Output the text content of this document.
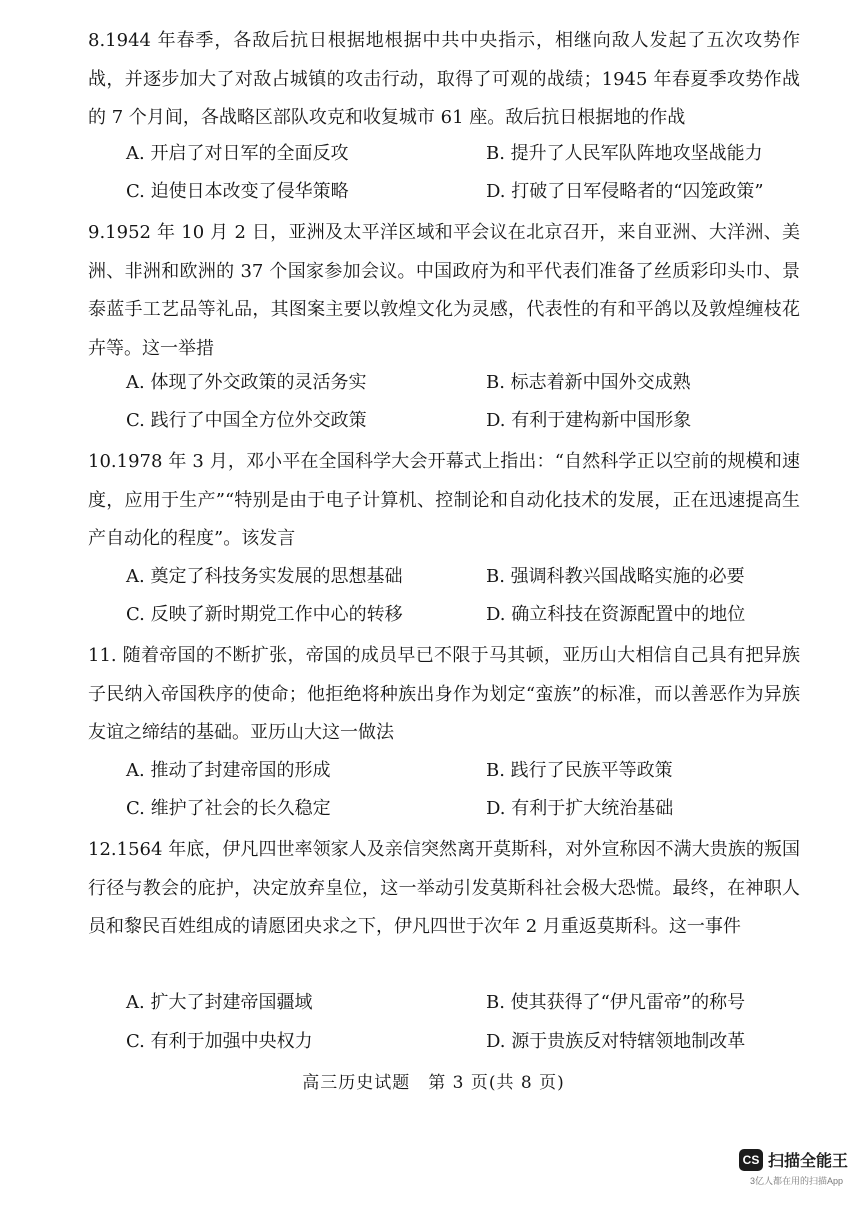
8.1944 年春季，各敌后抗日根据地根据中共中央指示，相继向敌人发起了五次攻势作战，并逐步加大了对敌占城镇的攻击行动，取得了可观的战绩；1945 年春夏季攻势作战的 7 个月间，各战略区部队攻克和收复城市 61 座。敌后抗日根据地的作战
A. 开启了对日军的全面反攻	B. 提升了人民军队阵地攻坚战能力
C. 迫使日本改变了侵华策略	D. 打破了日军侵略者的“囚笼政策”
9.1952 年 10 月 2 日，亚洲及太平洋区域和平会议在北京召开，来自亚洲、大洋洲、美洲、非洲和欧洲的 37 个国家参加会议。中国政府为和平代表们准备了丝质彩印头巾、景泰蓝手工艺品等礼品，其图案主要以敦煌文化为灵感，代表性的有和平鸽以及敦煌缠枝花卉等。这一举措
A. 体现了外交政策的灵活务实	B. 标志着新中国外交成熟
C. 践行了中国全方位外交政策	D. 有利于建构新中国形象
10.1978 年 3 月，邓小平在全国科学大会开幕式上指出：“自然科学正以空前的规模和速度，应用于生产”“特别是由于电子计算机、控制论和自动化技术的发展，正在迅速提高生产自动化的程度”。该发言
A. 奠定了科技务实发展的思想基础	B. 强调科教兴国战略实施的必要
C. 反映了新时期党工作中心的转移	D. 确立科技在资源配置中的地位
11. 随着帝国的不断扩张，帝国的成员早已不限于马其顿，亚历山大相信自己具有把异族子民纳入帝国秩序的使命；他拒绝将种族出身作为划定“蛮族”的标准，而以善恶作为异族友谊之缔结的基础。亚历山大这一做法
A. 推动了封建帝国的形成	B. 践行了民族平等政策
C. 维护了社会的长久稳定	D. 有利于扩大统治基础
12.1564 年底，伊凡四世率领家人及亲信突然离开莫斯科，对外宣称因不满大贵族的叛国行径与教会的庇护，决定放弃皇位，这一举动引发莫斯科社会极大恐慌。最终，在神职人员和黎民百姓组成的请愿团央求之下，伊凡四世于次年 2 月重返莫斯科。这一事件
A. 扩大了封建帝国疆域	B. 使其获得了“伊凡雷帝”的称号
C. 有利于加强中央权力	D. 源于贵族反对特辖领地制改革
高三历史试题　第 3 页(共 8 页)
CS 扫描全能王
3亿人都在用的扫描App
